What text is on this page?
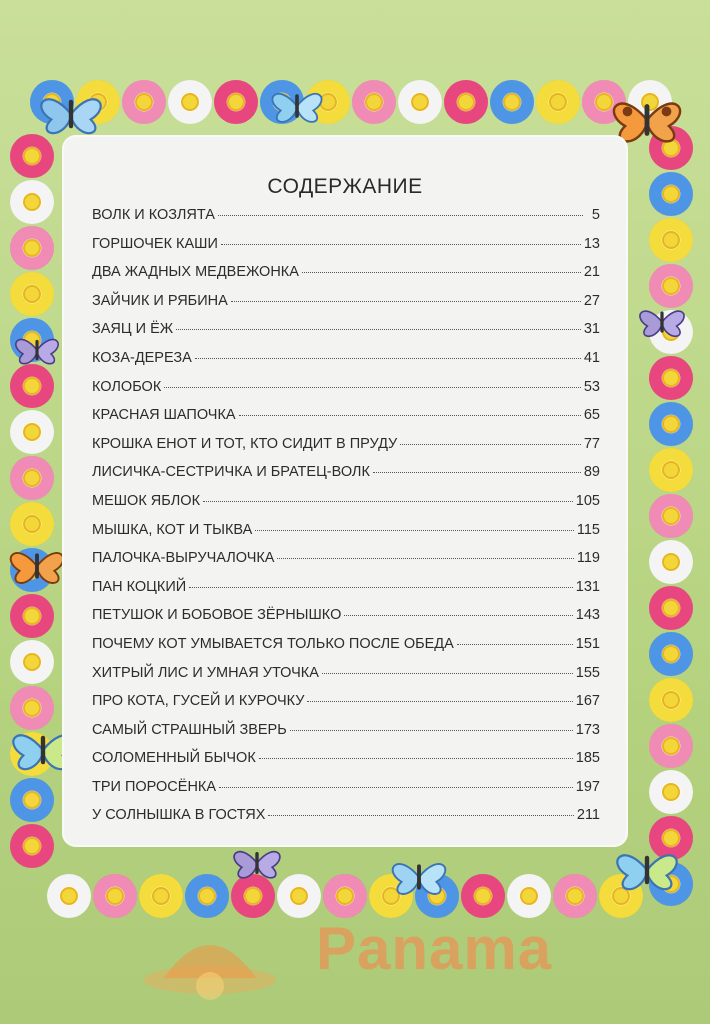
СОДЕРЖАНИЕ
ВОЛК И КОЗЛЯТА	5
ГОРШОЧЕК КАШИ	13
ДВА ЖАДНЫХ МЕДВЕЖОНКА	21
ЗАЙЧИК И РЯБИНА	27
ЗАЯЦ И ЁЖ	31
КОЗА-ДЕРЕЗА	41
КОЛОБОК	53
КРАСНАЯ ШАПОЧКА	65
КРОШКА ЕНОТ И ТОТ, КТО СИДИТ В ПРУДУ	77
ЛИСИЧКА-СЕСТРИЧКА И БРАТЕЦ-ВОЛК	89
МЕШОК ЯБЛОК	105
МЫШКА, КОТ И ТЫКВА	115
ПАЛОЧКА-ВЫРУЧАЛОЧКА	119
ПАН КОЦКИЙ	131
ПЕТУШОК И БОБОВОЕ ЗЁРНЫШКО	143
ПОЧЕМУ КОТ УМЫВАЕТСЯ ТОЛЬКО ПОСЛЕ ОБЕДА	151
ХИТРЫЙ ЛИС И УМНАЯ УТОЧКА	155
ПРО КОТА, ГУСЕЙ И КУРОЧКУ	167
САМЫЙ СТРАШНЫЙ ЗВЕРЬ	173
СОЛОМЕННЫЙ БЫЧОК	185
ТРИ ПОРОСЁНКА	197
У СОЛНЫШКА В ГОСТЯХ	211
Panama
